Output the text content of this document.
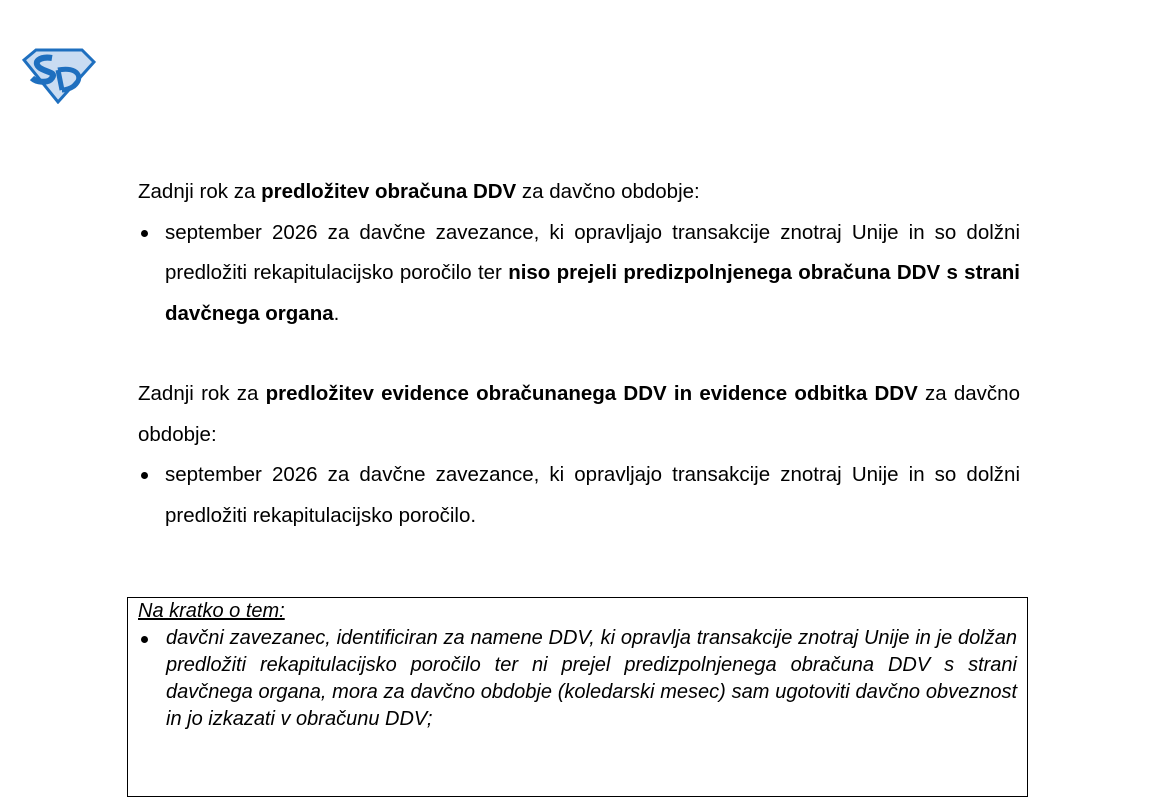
Zadnji rok za predložitev obračuna DDV za davčno obdobje:

september 2026 za davčne zavezance, ki opravljajo transakcije znotraj Unije in so dolžni predložiti rekapitulacijsko poročilo ter niso prejeli predizpolnjenega obračuna DDV s strani davčnega organa.

Zadnji rok za predložitev evidence obračunanega DDV in evidence odbitka DDV za davčno obdobje:

september 2026 za davčne zavezance, ki opravljajo transakcije znotraj Unije in so dolžni predložiti rekapitulacijsko poročilo.
Na kratko o tem:
davčni zavezanec, identificiran za namene DDV, ki opravlja transakcije znotraj Unije in je dolžan predložiti rekapitulacijsko poročilo ter ni prejel predizpolnjenega obračuna DDV s strani davčnega organa, mora za davčno obdobje (koledarski mesec) sam ugotoviti davčno obveznost in jo izkazati v obračunu DDV;
